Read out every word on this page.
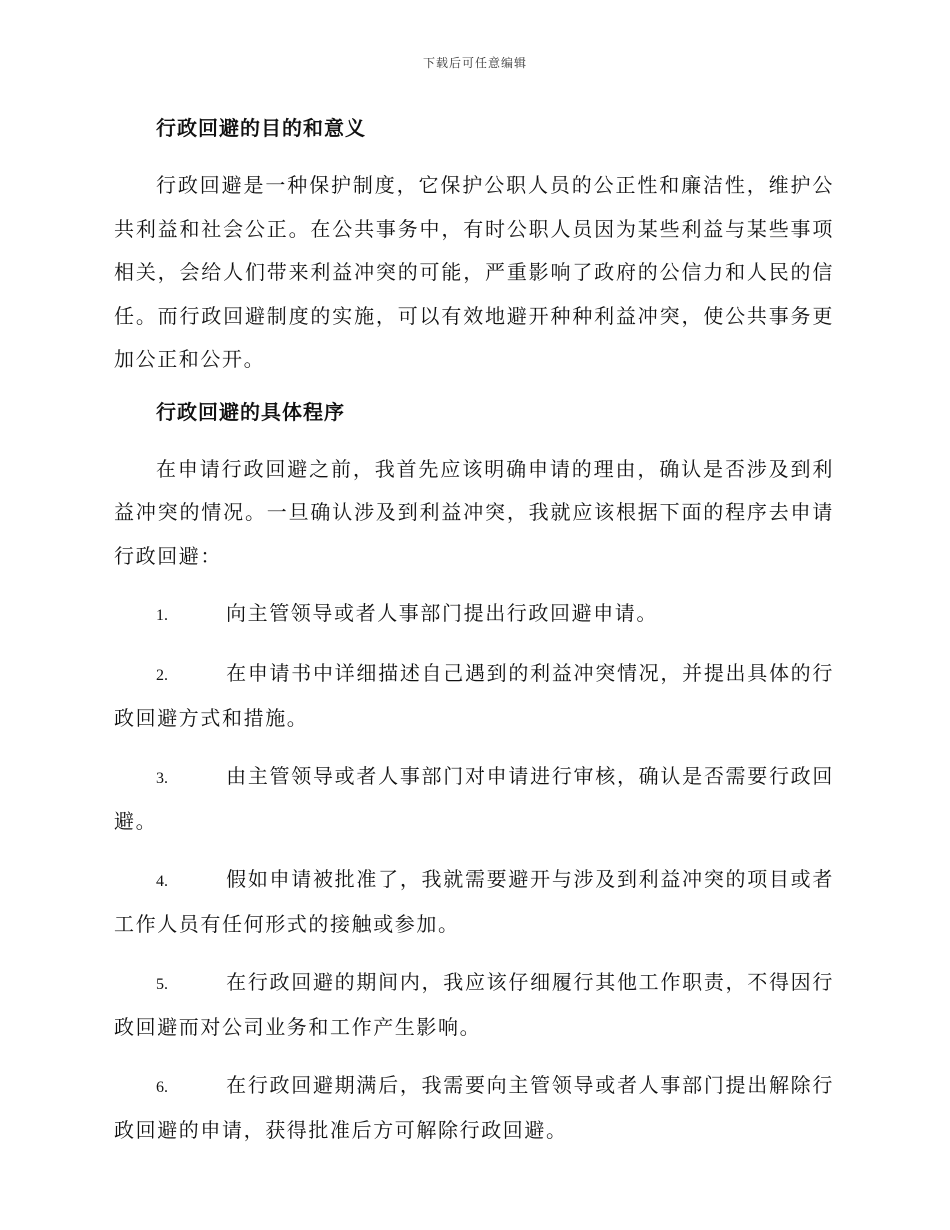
下载后可任意编辑
行政回避的目的和意义

行政回避是一种保护制度，它保护公职人员的公正性和廉洁性，维护公共利益和社会公正。在公共事务中，有时公职人员因为某些利益与某些事项相关，会给人们带来利益冲突的可能，严重影响了政府的公信力和人民的信任。而行政回避制度的实施，可以有效地避开种种利益冲突，使公共事务更加公正和公开。

行政回避的具体程序

在申请行政回避之前，我首先应该明确申请的理由，确认是否涉及到利益冲突的情况。一旦确认涉及到利益冲突，我就应该根据下面的程序去申请行政回避：

1.	向主管领导或者人事部门提出行政回避申请。
2.	在申请书中详细描述自己遇到的利益冲突情况，并提出具体的行政回避方式和措施。
3.	由主管领导或者人事部门对申请进行审核，确认是否需要行政回避。
4.	假如申请被批准了，我就需要避开与涉及到利益冲突的项目或者工作人员有任何形式的接触或参加。
5.	在行政回避的期间内，我应该仔细履行其他工作职责，不得因行政回避而对公司业务和工作产生影响。
6.	在行政回避期满后，我需要向主管领导或者人事部门提出解除行政回避的申请，获得批准后方可解除行政回避。
